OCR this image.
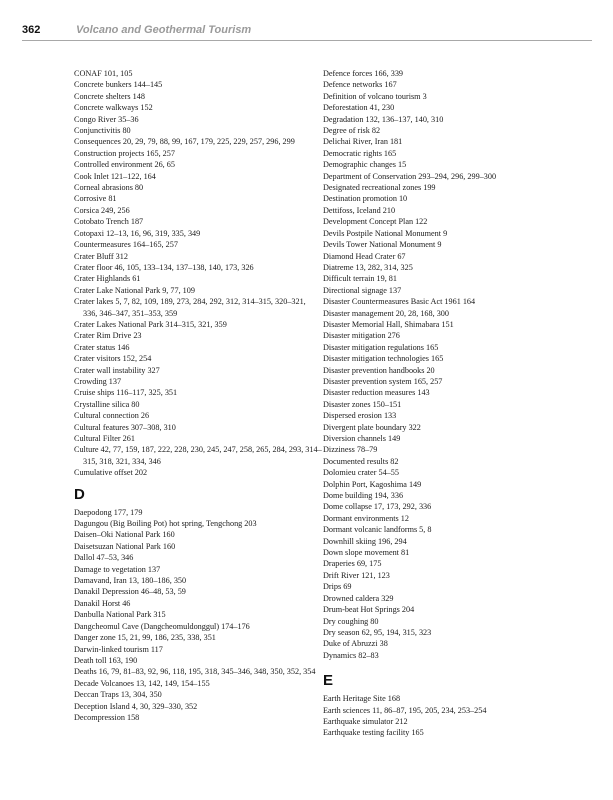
362	Volcano and Geothermal Tourism
CONAF 101, 105
Concrete bunkers 144–145
Concrete shelters 148
Concrete walkways 152
Congo River 35–36
Conjunctivitis 80
Consequences 20, 29, 79, 88, 99, 167, 179, 225, 229, 257, 296, 299
Construction projects 165, 257
Controlled environment 26, 65
Cook Inlet 121–122, 164
Corneal abrasions 80
Corrosive 81
Corsica 249, 256
Cotobato Trench 187
Cotopaxi 12–13, 16, 96, 319, 335, 349
Countermeasures 164–165, 257
Crater Bluff 312
Crater floor 46, 105, 133–134, 137–138, 140, 173, 326
Crater Highlands 61
Crater Lake National Park 9, 77, 109
Crater lakes 5, 7, 82, 109, 189, 273, 284, 292, 312, 314–315, 320–321, 336, 346–347, 351–353, 359
Crater Lakes National Park 314–315, 321, 359
Crater Rim Drive 23
Crater status 146
Crater visitors 152, 254
Crater wall instability 327
Crowding 137
Cruise ships 116–117, 325, 351
Crystalline silica 80
Cultural connection 26
Cultural features 307–308, 310
Cultural Filter 261
Culture 42, 77, 159, 187, 222, 228, 230, 245, 247, 258, 265, 284, 293, 314–315, 318, 321, 334, 346
Cumulative offset 202
D
Daepodong 177, 179
Dagungou (Big Boiling Pot) hot spring, Tengchong 203
Daisen–Oki National Park 160
Daisetsuzan National Park 160
Dallol 47–53, 346
Damage to vegetation 137
Damavand, Iran 13, 180–186, 350
Danakil Depression 46–48, 53, 59
Danakil Horst 46
Danbulla National Park 315
Dangcheomul Cave (Dangcheomuldonggul) 174–176
Danger zone 15, 21, 99, 186, 235, 338, 351
Darwin-linked tourism 117
Death toll 163, 190
Deaths 16, 79, 81–83, 92, 96, 118, 195, 318, 345–346, 348, 350, 352, 354
Decade Volcanoes 13, 142, 149, 154–155
Deccan Traps 13, 304, 350
Deception Island 4, 30, 329–330, 352
Decompression 158
Defence forces 166, 339
Defence networks 167
Definition of volcano tourism 3
Deforestation 41, 230
Degradation 132, 136–137, 140, 310
Degree of risk 82
Delichai River, Iran 181
Democratic rights 165
Demographic changes 15
Department of Conservation 293–294, 296, 299–300
Designated recreational zones 199
Destination promotion 10
Dettifoss, Iceland 210
Development Concept Plan 122
Devils Postpile National Monument 9
Devils Tower National Monument 9
Diamond Head Crater 67
Diatreme 13, 282, 314, 325
Difficult terrain 19, 81
Directional signage 137
Disaster Countermeasures Basic Act 1961 164
Disaster management 20, 28, 168, 300
Disaster Memorial Hall, Shimabara 151
Disaster mitigation 276
Disaster mitigation regulations 165
Disaster mitigation technologies 165
Disaster prevention handbooks 20
Disaster prevention system 165, 257
Disaster reduction measures 143
Disaster zones 150–151
Dispersed erosion 133
Divergent plate boundary 322
Diversion channels 149
Dizziness 78–79
Documented results 82
Dolomieu crater 54–55
Dolphin Port, Kagoshima 149
Dome building 194, 336
Dome collapse 17, 173, 292, 336
Dormant environments 12
Dormant volcanic landforms 5, 8
Downhill skiing 196, 294
Down slope movement 81
Draperies 69, 175
Drift River 121, 123
Drips 69
Drowned caldera 329
Drum-beat Hot Springs 204
Dry coughing 80
Dry season 62, 95, 194, 315, 323
Duke of Abruzzi 38
Dynamics 82–83
E
Earth Heritage Site 168
Earth sciences 11, 86–87, 195, 205, 234, 253–254
Earthquake simulator 212
Earthquake testing facility 165
